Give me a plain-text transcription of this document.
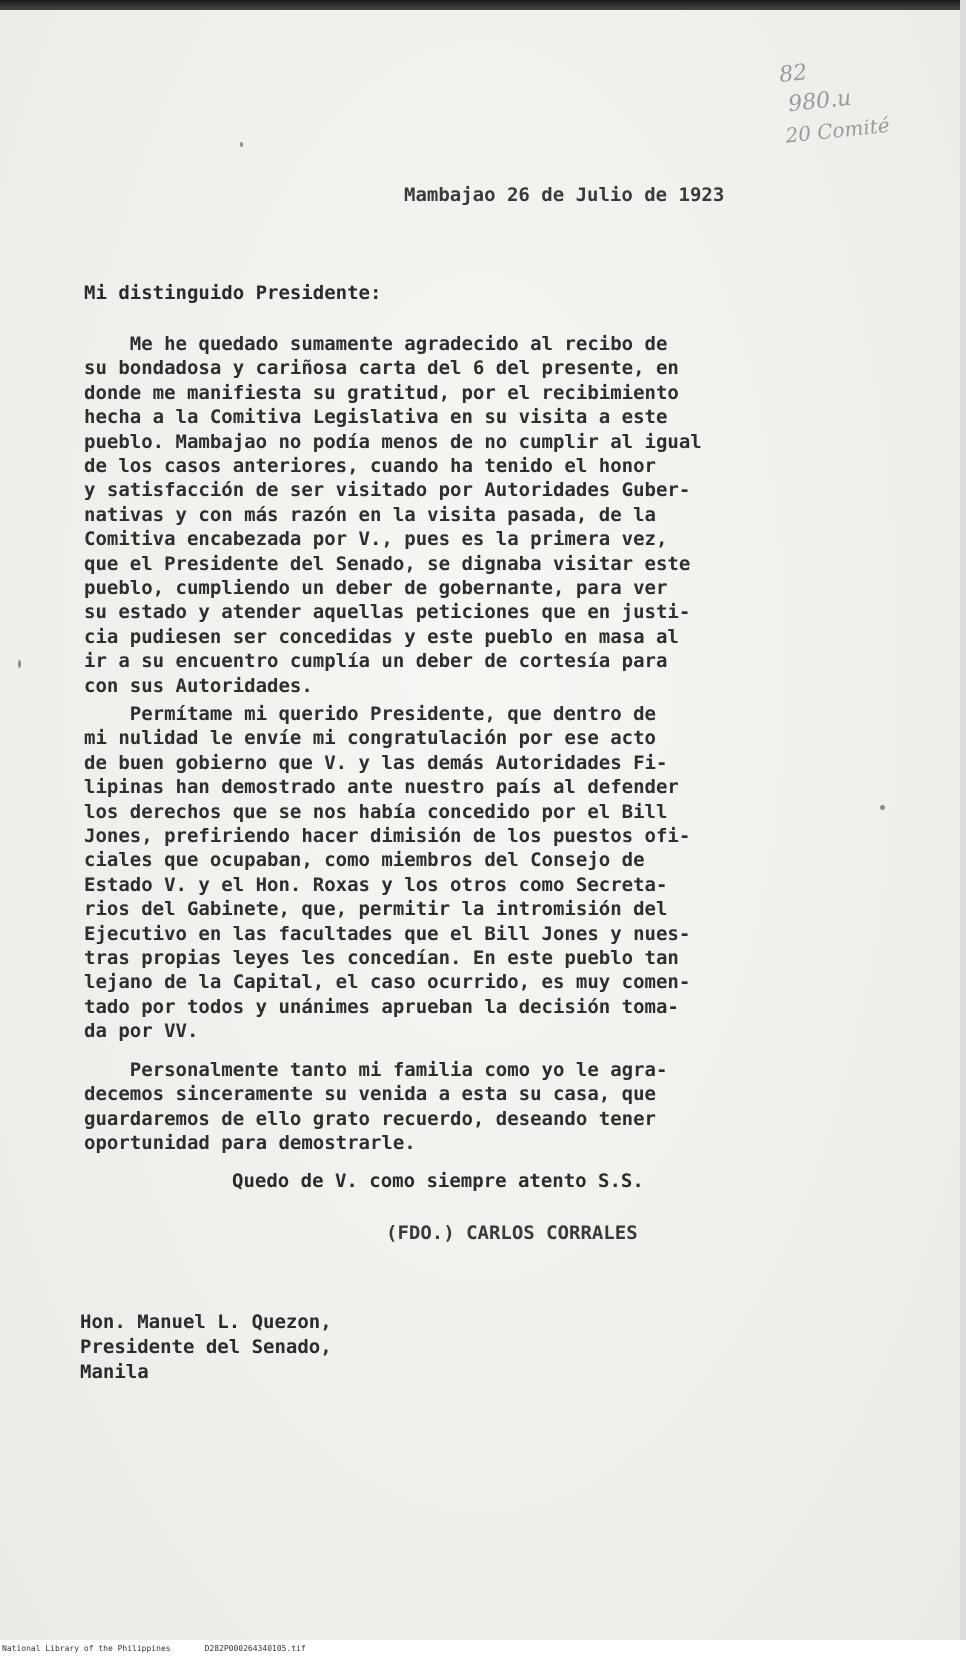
82
980.u
20 Comité
Mambajao 26 de Julio de 1923
Mi distinguido Presidente:
Me he quedado sumamente agradecido al recibo de
su bondadosa y cariñosa carta del 6 del presente, en
donde me manifiesta su gratitud, por el recibimiento
hecha a la Comitiva Legislativa en su visita a este
pueblo. Mambajao no podía menos de no cumplir al igual
de los casos anteriores, cuando ha tenido el honor
y satisfacción de ser visitado por Autoridades Guber-
nativas y con más razón en la visita pasada, de la
Comitiva encabezada por V., pues es la primera vez,
que el Presidente del Senado, se dignaba visitar este
pueblo, cumpliendo un deber de gobernante, para ver
su estado y atender aquellas peticiones que en justi-
cia pudiesen ser concedidas y este pueblo en masa al
ir a su encuentro cumplía un deber de cortesía para
con sus Autoridades.
Permítame mi querido Presidente, que dentro de
mi nulidad le envíe mi congratulación por ese acto
de buen gobierno que V. y las demás Autoridades Fi-
lipinas han demostrado ante nuestro país al defender
los derechos que se nos había concedido por el Bill
Jones, prefiriendo hacer dimisión de los puestos ofi-
ciales que ocupaban, como miembros del Consejo de
Estado V. y el Hon. Roxas y los otros como Secreta-
rios del Gabinete, que, permitir la intromisión del
Ejecutivo en las facultades que el Bill Jones y nues-
tras propias leyes les concedían. En este pueblo tan
lejano de la Capital, el caso ocurrido, es muy comen-
tado por todos y unánimes aprueban la decisión toma-
da por VV.
Personalmente tanto mi familia como yo le agra-
decemos sinceramente su venida a esta su casa, que
guardaremos de ello grato recuerdo, deseando tener
oportunidad para demostrarle.
Quedo de V. como siempre atento S.S.
(FDO.) CARLOS CORRALES
Hon. Manuel L. Quezon,
Presidente del Senado,
Manila
National Library of the Philippines	D282P000264340105.tif
